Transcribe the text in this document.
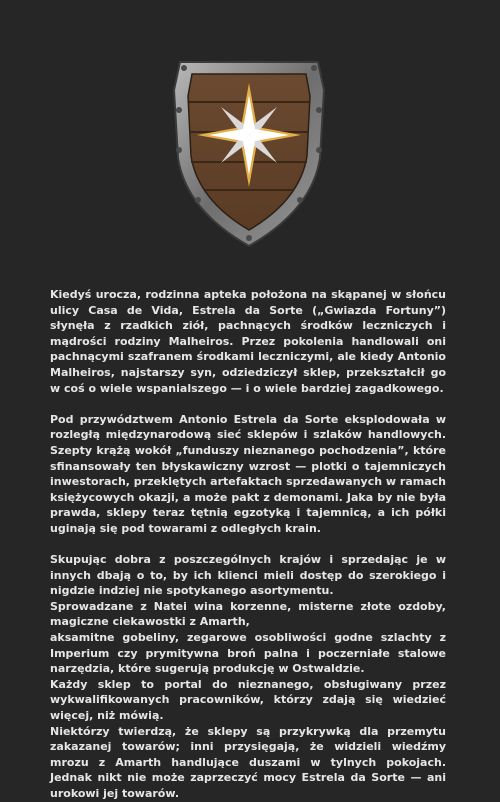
Kiedyś urocza, rodzinna apteka położona na skąpanej w słońcu ulicy Casa de Vida, Estrela da Sorte („Gwiazda Fortuny”) słynęła z rzadkich ziół, pachnących środków leczniczych i mądrości rodziny Malheiros. Przez pokolenia handlowali oni pachnącymi szafranem środkami leczniczymi, ale kiedy Antonio Malheiros, najstarszy syn, odziedziczył sklep, przekształcił go w coś o wiele wspanialszego — i o wiele bardziej zagadkowego.

Pod przywództwem Antonio Estrela da Sorte eksplodowała w rozległą międzynarodową sieć sklepów i szlaków handlowych. Szepty krążą wokół „funduszy nieznanego pochodzenia”, które sfinansowały ten błyskawiczny wzrost — plotki o tajemniczych inwestorach, przeklętych artefaktach sprzedawanych w ramach księżycowych okazji, a może pakt z demonami. Jaka by nie była prawda, sklepy teraz tętnią egzotyką i tajemnicą, a ich półki uginają się pod towarami z odległych krain.

Skupując dobra z poszczególnych krajów i sprzedając je w innych dbają o to, by ich klienci mieli dostęp do szerokiego i nigdzie indziej nie spotykanego asortymentu.

Sprowadzane z Natei wina korzenne, misterne złote ozdoby, magiczne ciekawostki z Amarth,

aksamitne gobeliny, zegarowe osobliwości godne szlachty z Imperium czy prymitywna broń palna i poczerniałe stalowe narzędzia, które sugerują produkcję w Ostwaldzie.

Każdy sklep to portal do nieznanego, obsługiwany przez wykwalifikowanych pracowników, którzy zdają się wiedzieć więcej, niż mówią.

Niektórzy twierdzą, że sklepy są przykrywką dla przemytu zakazanej towarów; inni przysięgają, że widzieli wiedźmy mrozu z Amarth handlujące duszami w tylnych pokojach. Jednak nikt nie może zaprzeczyć mocy Estrela da Sorte — ani urokowi jej towarów.
